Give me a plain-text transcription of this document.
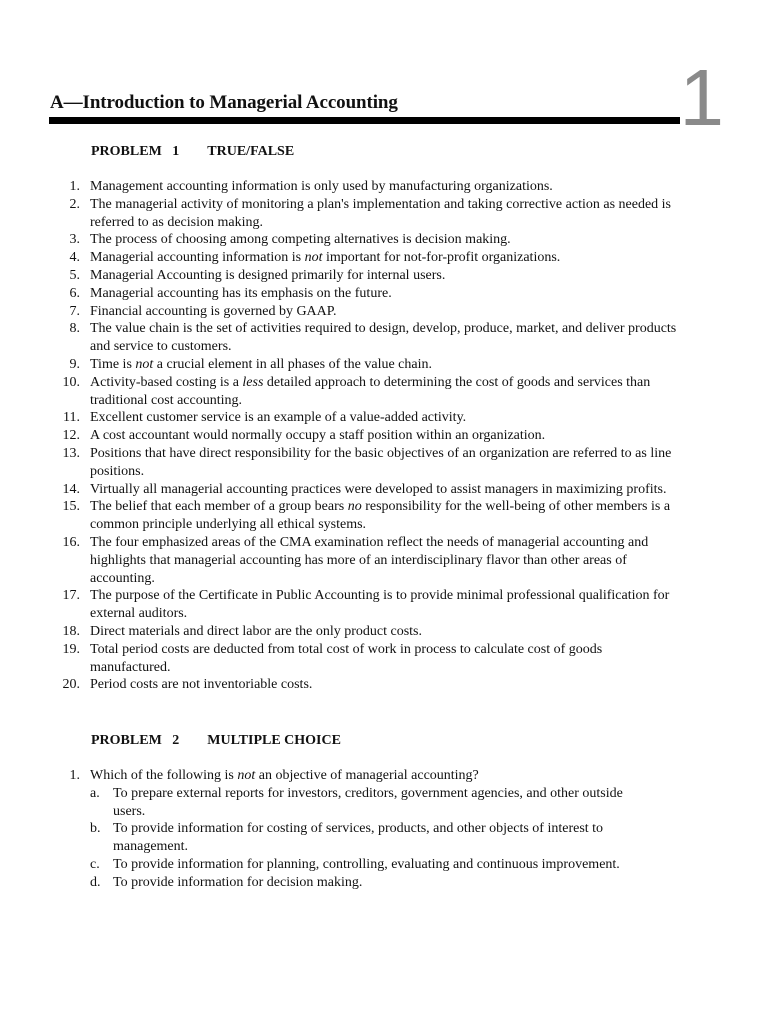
1
A—Introduction to Managerial Accounting
PROBLEM   1 TRUE/FALSE
1. Management accounting information is only used by manufacturing organizations.
2. The managerial activity of monitoring a plan's implementation and taking corrective action as needed is referred to as decision making.
3. The process of choosing among competing alternatives is decision making.
4. Managerial accounting information is not important for not-for-profit organizations.
5. Managerial Accounting is designed primarily for internal users.
6. Managerial accounting has its emphasis on the future.
7. Financial accounting is governed by GAAP.
8. The value chain is the set of activities required to design, develop, produce, market, and deliver products and service to customers.
9. Time is not a crucial element in all phases of the value chain.
10. Activity-based costing is a less detailed approach to determining the cost of goods and services than traditional cost accounting.
11. Excellent customer service is an example of a value-added activity.
12. A cost accountant would normally occupy a staff position within an organization.
13. Positions that have direct responsibility for the basic objectives of an organization are referred to as line positions.
14. Virtually all managerial accounting practices were developed to assist managers in maximizing profits.
15. The belief that each member of a group bears no responsibility for the well-being of other members is a common principle underlying all ethical systems.
16. The four emphasized areas of the CMA examination reflect the needs of managerial accounting and highlights that managerial accounting has more of an interdisciplinary flavor than other areas of accounting.
17. The purpose of the Certificate in Public Accounting is to provide minimal professional qualification for external auditors.
18. Direct materials and direct labor are the only product costs.
19. Total period costs are deducted from total cost of work in process to calculate cost of goods manufactured.
20. Period costs are not inventoriable costs.
PROBLEM   2 MULTIPLE CHOICE
1. Which of the following is not an objective of managerial accounting?
a. To prepare external reports for investors, creditors, government agencies, and other outside users.
b. To provide information for costing of services, products, and other objects of interest to management.
c. To provide information for planning, controlling, evaluating and continuous improvement.
d. To provide information for decision making.
